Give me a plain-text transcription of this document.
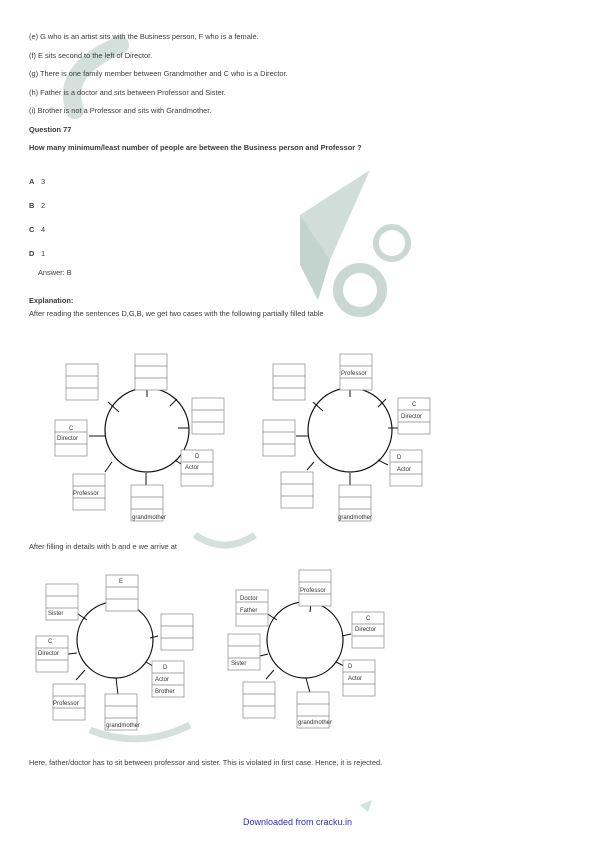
(e) G who is an artist sits with the Business person, F who is a female.
(f) E sits second to the left of Director.
(g) There is one family member between Grandmother and C who is a Director.
(h) Father is a doctor and sits between Professor and Sister.
(i) Brother is not a Professor and sits with Grandmother.
Question 77
How many minimum/least number of people are between the Business person and Professor ?
A 3
B 2
C 4
D 1
Answer: B
Explanation:
After reading the sentences D,G,B, we get two cases with the following partially filled table
C
Director
D
Actor
Professor
grandmother
Professor
C
Director
D
Actor
grandmother
After filling in details with b and e we arrive at
E
Sister
C
Director
D
Actor
Brother
Professor
grandmother
Doctor
Father
Professor
C
Director
Sister	D
Actor
grandmother
Here, father/doctor has to sit between professor and sister. This is violated in first case. Hence, it is rejected.
Downloaded from cracku.in
